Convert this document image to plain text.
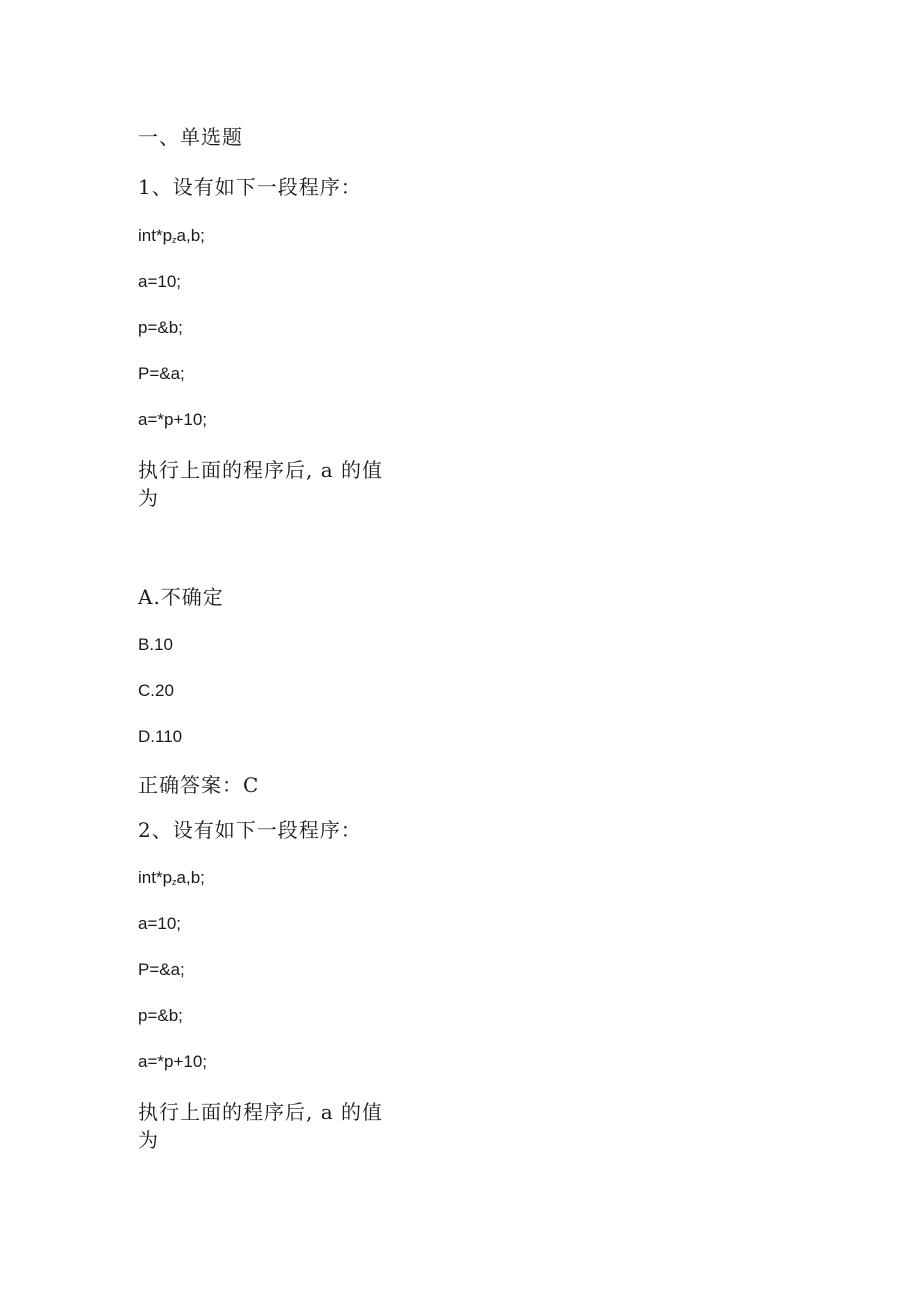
一、单选题
1、设有如下一段程序：
$int*p_za,b$;
a=10;
p=&b;
P=&a;
a=*p+10;
执行上面的程序后, a 的值为
A.不确定
B.10
C.20
D.110
正确答案：C
2、设有如下一段程序：
$int*p_za,b$;
a=10;
P=&a;
p=&b;
a=*p+10;
执行上面的程序后, a 的值为
